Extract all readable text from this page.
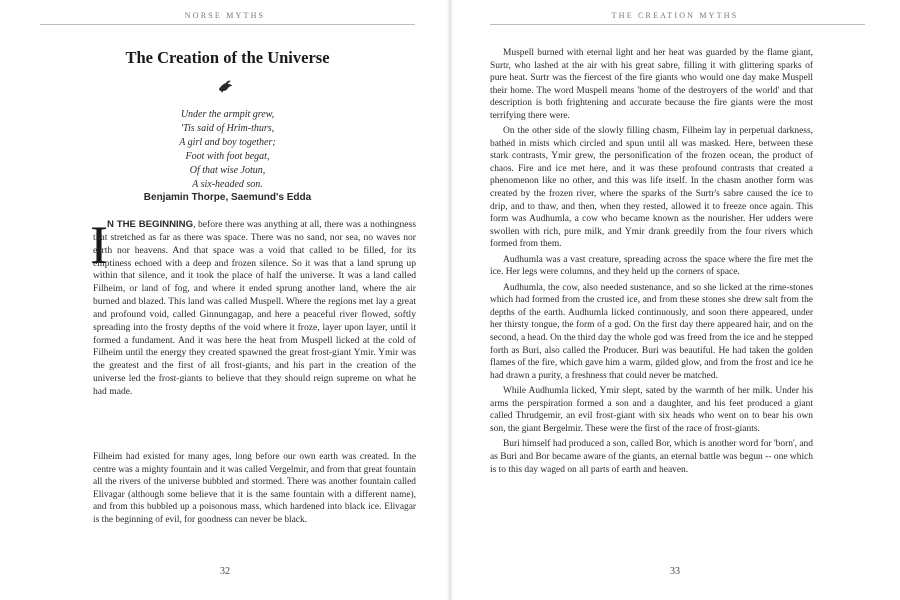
NORSE MYTHS
The Creation of the Universe
Under the armpit grew,
'Tis said of Hrim-thurs,
A girl and boy together;
Foot with foot begat,
Of that wise Jotun,
A six-headed son.
Benjamin Thorpe, Saemund's Edda
I N THE BEGINNING, before there was anything at all, there was a nothingness that stretched as far as there was space. There was no sand, nor sea, no waves nor earth nor heavens. And that space was a void that called to be filled, for its emptiness echoed with a deep and frozen silence. So it was that a land sprung up within that silence, and it took the place of half the universe. It was a land called Filheim, or land of fog, and where it ended sprung another land, where the air burned and blazed. This land was called Muspell. Where the regions met lay a great and profound void, called Ginnungagap, and here a peaceful river flowed, softly spreading into the frosty depths of the void where it froze, layer upon layer, until it formed a fundament. And it was here the heat from Muspell licked at the cold of Filheim until the energy they created spawned the great frost-giant Ymir. Ymir was the greatest and the first of all frost-giants, and his part in the creation of the universe led the frost-giants to believe that they should reign supreme on what he had made.

Filheim had existed for many ages, long before our own earth was created. In the centre was a mighty fountain and it was called Vergelmir, and from that great fountain all the rivers of the universe bubbled and stormed. There was another fountain called Elivagar (although some believe that it is the same fountain with a different name), and from this bubbled up a poisonous mass, which hardened into black ice. Elivagar is the beginning of evil, for goodness can never be black.

32
THE CREATION MYTHS

Muspell burned with eternal light and her heat was guarded by the flame giant, Surtr, who lashed at the air with his great sabre, filling it with glittering sparks of pure heat. Surtr was the fiercest of the fire giants who would one day make Muspell their home. The word Muspell means 'home of the destroyers of the world' and that description is both frightening and accurate because the fire giants were the most terrifying there were.

On the other side of the slowly filling chasm, Filheim lay in perpetual darkness, bathed in mists which circled and spun until all was masked. Here, between these stark contrasts, Ymir grew, the personification of the frozen ocean, the product of chaos. Fire and ice met here, and it was these profound contrasts that created a phenomenon like no other, and this was life itself. In the chasm another form was created by the frozen river, where the sparks of the Surtr's sabre caused the ice to drip, and to thaw, and then, when they rested, allowed it to freeze once again. This form was Audhumla, a cow who became known as the nourisher. Her udders were swollen with rich, pure milk, and Ymir drank greedily from the four rivers which formed from them.

Audhumla was a vast creature, spreading across the space where the fire met the ice. Her legs were columns, and they held up the corners of space.

Audhumla, the cow, also needed sustenance, and so she licked at the rime-stones which had formed from the crusted ice, and from these stones she drew salt from the depths of the earth. Audhumla licked continuously, and soon there appeared, under her thirsty tongue, the form of a god. On the first day there appeared hair, and on the second, a head. On the third day the whole god was freed from the ice and he stepped forth as Buri, also called the Producer. Buri was beautiful. He had taken the golden flames of the fire, which gave him a warm, gilded glow, and from the frost and ice he had drawn a purity, a freshness that could never be matched.

While Audhumla licked, Ymir slept, sated by the warmth of her milk. Under his arms the perspiration formed a son and a daughter, and his feet produced a giant called Thrudgemir, an evil frost-giant with six heads who went on to bear his own son, the giant Bergelmir. These were the first of the race of frost-giants.

Buri himself had produced a son, called Bor, which is another word for 'born', and as Buri and Bor became aware of the giants, an eternal battle was begun -- one which is to this day waged on all parts of earth and heaven.

33
